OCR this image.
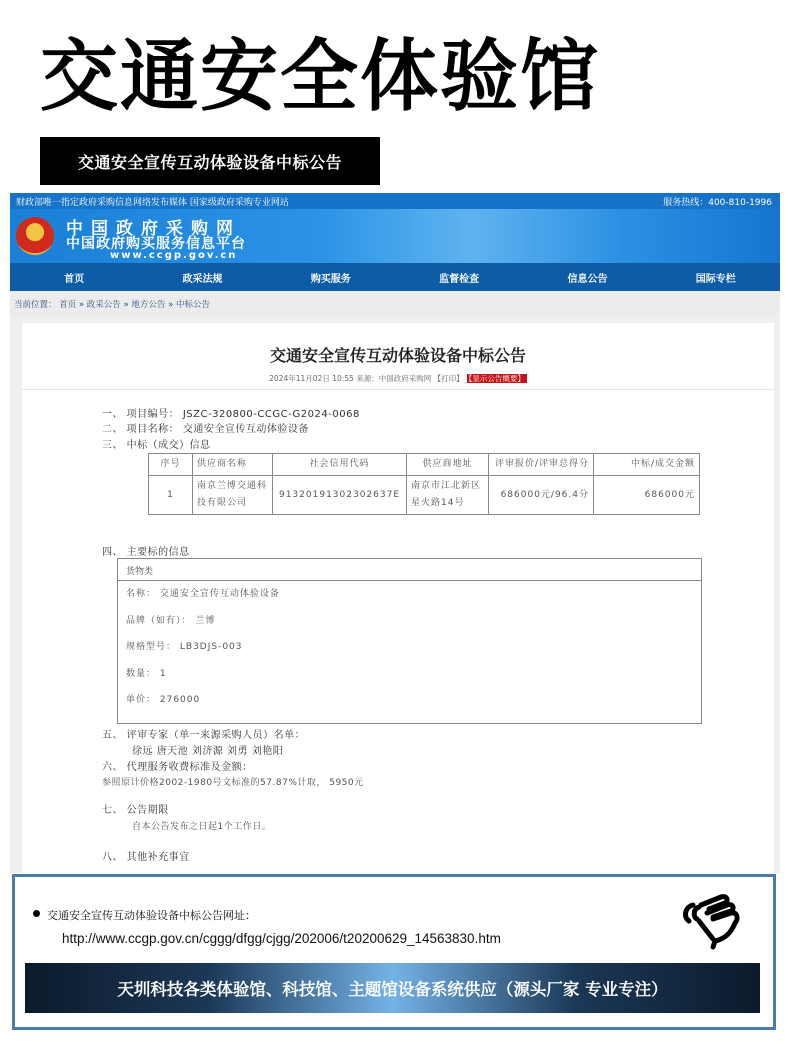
交通安全体验馆
交通安全宣传互动体验设备中标公告
财政部唯一指定政府采购信息网络发布媒体 国家级政府采购专业网站	服务热线：400-810-1996
中国政府采购网
中国政府购买服务信息平台
www.ccgp.gov.cn
首页	政采法规	购买服务	监督检查	信息公告	国际专栏
当前位置： 首页 » 政采公告 » 地方公告 » 中标公告
交通安全宣传互动体验设备中标公告
2024年11月02日 10:55 来源：中国政府采购网 【打印】 【显示公告概要】
一、 项目编号： JSZC-320800-CCGC-G2024-0068
二、 项目名称： 交通安全宣传互动体验设备
三、 中标（成交）信息
序号	供应商名称	社会信用代码	供应商地址	评审报价/评审总得分	中标/成交金额
1	南京兰博交通科技有限公司	91320191302302637E	南京市江北新区星火路14号	686000元/96.4分	686000元
四、 主要标的信息
货物类
名称： 交通安全宣传互动体验设备
品牌（如有）： 兰博
规格型号： LB3DJS-003
数量： 1
单价： 276000
五、 评审专家（单一来源采购人员）名单：
徐远 唐天池 刘济源 刘勇 刘艳阳
六、 代理服务收费标准及金额：
参照原计价格2002-1980号文标准的57.87%计取， 5950元
七、 公告期限
自本公告发布之日起1个工作日。
八、 其他补充事宜
交通安全宣传互动体验设备中标公告网址：
http://www.ccgp.gov.cn/cggg/dfgg/cjgg/202006/t20200629_14563830.htm
天圳科技各类体验馆、科技馆、主题馆设备系统供应（源头厂家 专业专注）
